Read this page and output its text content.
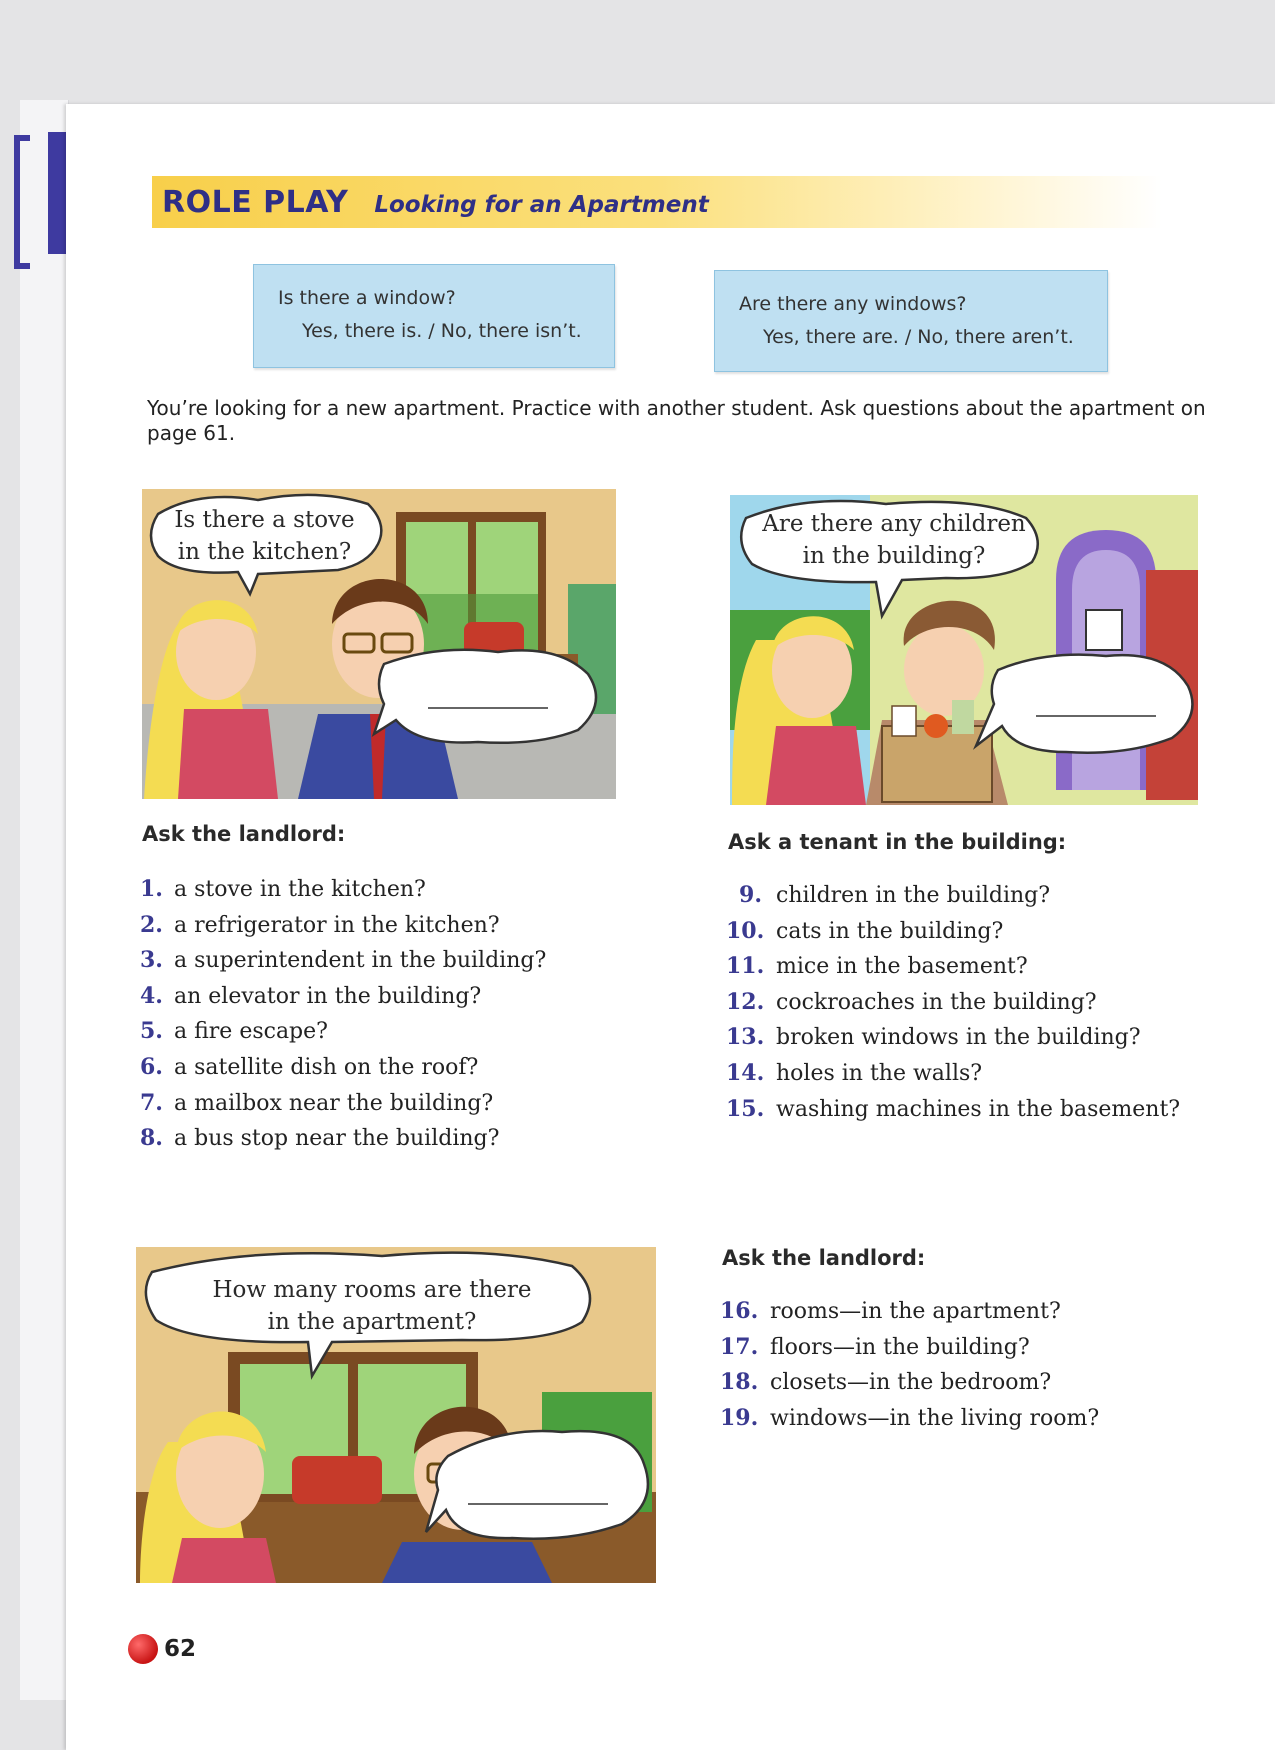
ROLE PLAY Looking for an Apartment
Is there a window?
Yes, there is. / No, there isn’t.
Are there any windows?
Yes, there are. / No, there aren’t.
You’re looking for a new apartment. Practice with another student. Ask questions about the apartment on page 61.
Is there a stove
in the kitchen?
Are there any children
in the building?
How many rooms are there
in the apartment?
Ask the landlord:
1. a stove in the kitchen?
2. a refrigerator in the kitchen?
3. a superintendent in the building?
4. an elevator in the building?
5. a fire escape?
6. a satellite dish on the roof?
7. a mailbox near the building?
8. a bus stop near the building?
Ask a tenant in the building:
9. children in the building?
10. cats in the building?
11. mice in the basement?
12. cockroaches in the building?
13. broken windows in the building?
14. holes in the walls?
15. washing machines in the basement?
Ask the landlord:
16. rooms—in the apartment?
17. floors—in the building?
18. closets—in the bedroom?
19. windows—in the living room?
62
